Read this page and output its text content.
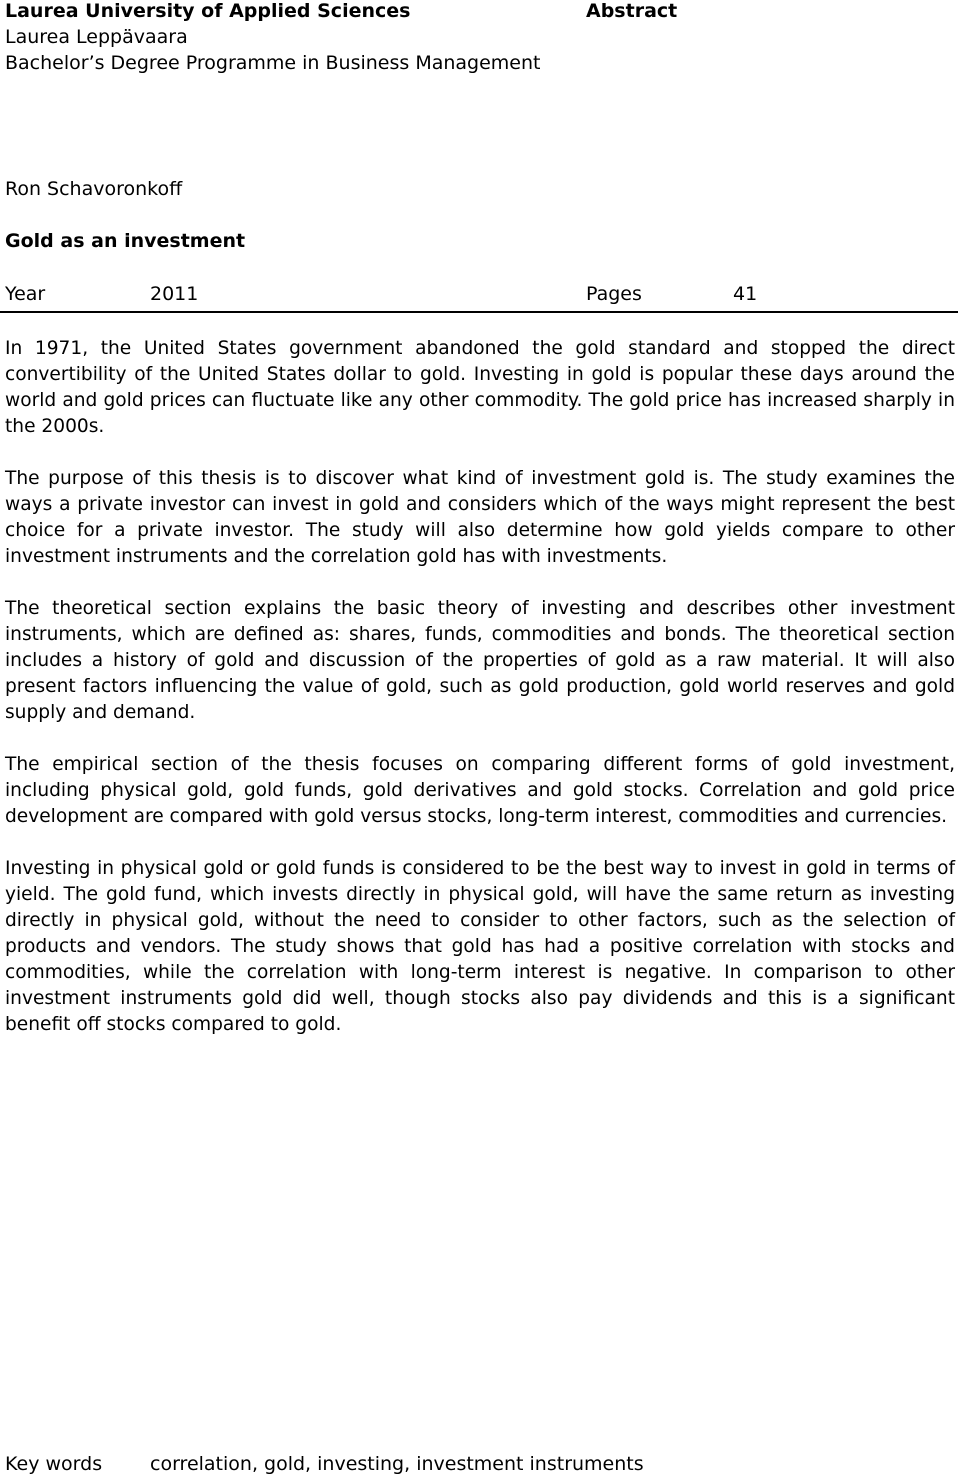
Laurea University of Applied Sciences
Laurea Leppävaara
Bachelor’s Degree Programme in Business Management
Abstract
Ron Schavoronkoff
Gold as an investment
Year	2011	Pages	41

In 1971, the United States government abandoned the gold standard and stopped the direct convertibility of the United States dollar to gold. Investing in gold is popular these days around the world and gold prices can fluctuate like any other commodity. The gold price has increased sharply in the 2000s.

The purpose of this thesis is to discover what kind of investment gold is. The study examines the ways a private investor can invest in gold and considers which of the ways might represent the best choice for a private investor. The study will also determine how gold yields compare to other investment instruments and the correlation gold has with investments.

The theoretical section explains the basic theory of investing and describes other investment instruments, which are defined as: shares, funds, commodities and bonds. The theoretical section includes a history of gold and discussion of the properties of gold as a raw material. It will also present factors influencing the value of gold, such as gold production, gold world reserves and gold supply and demand.

The empirical section of the thesis focuses on comparing different forms of gold investment, including physical gold, gold funds, gold derivatives and gold stocks. Correlation and gold price development are compared with gold versus stocks, long-term interest, commodities and currencies.

Investing in physical gold or gold funds is considered to be the best way to invest in gold in terms of yield. The gold fund, which invests directly in physical gold, will have the same return as investing directly in physical gold, without the need to consider to other factors, such as the selection of products and vendors. The study shows that gold has had a positive correlation with stocks and commodities, while the correlation with long-term interest is negative. In comparison to other investment instruments gold did well, though stocks also pay dividends and this is a significant benefit off stocks compared to gold.

Key words	correlation, gold, investing, investment instruments
